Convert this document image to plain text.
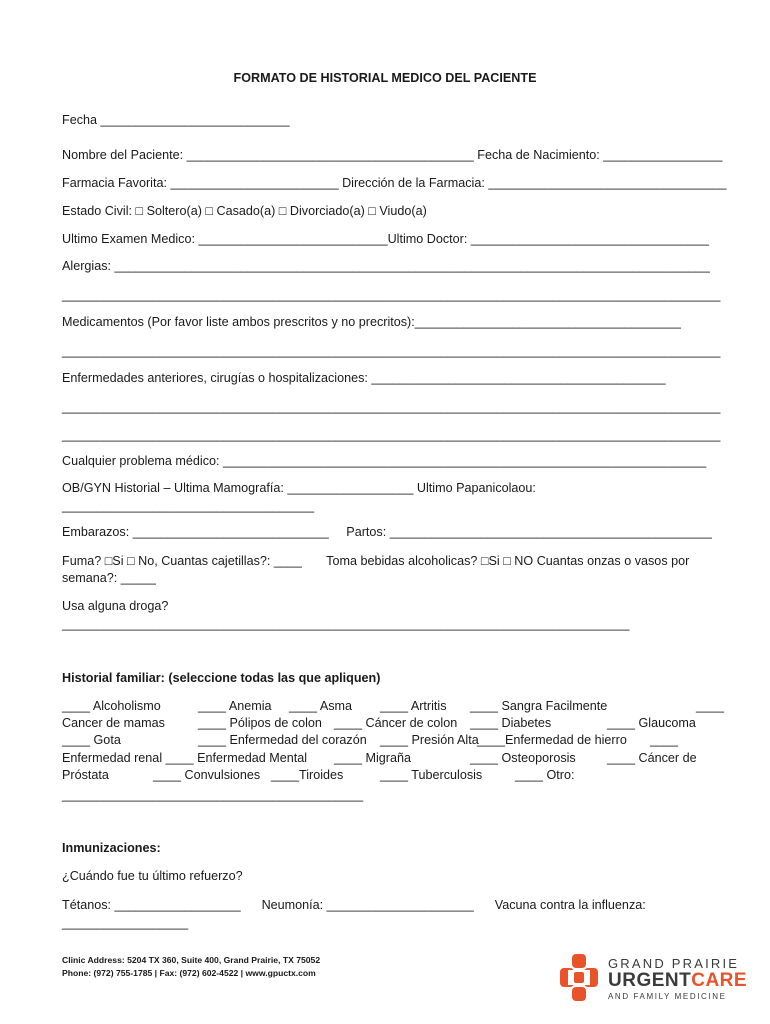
FORMATO DE HISTORIAL MEDICO DEL PACIENTE
Fecha ___________________________
Nombre del Paciente: _________________________________________ Fecha de Nacimiento: _________________
Farmacia Favorita: ________________________ Dirección de la Farmacia: __________________________________
Estado Civil: □ Soltero(a) □ Casado(a) □ Divorciado(a) □ Viudo(a)
Ultimo Examen Medico: ___________________________Ultimo Doctor: __________________________________
Alergias: _____________________________________________________________________________________
______________________________________________________________________________________________
Medicamentos (Por favor liste ambos prescritos y no precritos):______________________________________
______________________________________________________________________________________________
Enfermedades anteriores, cirugías o hospitalizaciones: __________________________________________
______________________________________________________________________________________________
______________________________________________________________________________________________
Cualquier problema médico: _____________________________________________________________________
OB/GYN Historial – Ultima Mamografía: __________________ Ultimo Papanicolaou:
____________________________________
Embarazos: ____________________________     Partos: ______________________________________________
Fuma? □Si □ No, Cuantas cajetillas?: ____       Toma bebidas alcoholicas? □Si □ NO Cuantas onzas o vasos por
semana?: _____
Usa alguna droga?
_________________________________________________________________________________
Historial familiar: (seleccione todas las que apliquen)
____ Alcoholismo	____ Anemia ____ Asma ____ Artritis ____ Sangra Facilmente	____
Cancer de mamas	____ Pólipos de colon ____ Cáncer de colon ____ Diabetes	____ Glaucoma
____ Gota	____ Enfermedad del corazón ____ Presión Alta
____Enfermedad de hierro ____
Enfermedad renal ____ Enfermedad Mental ____ Migraña	____ Osteoporosis ____ Cáncer de
Próstata	____ Convulsiones ____Tiroides	____ Tuberculosis	____ Otro:
___________________________________________
Inmunizaciones:
¿Cuándo fue tu último refuerzo?
Tétanos: __________________      Neumonía: _____________________      Vacuna contra la influenza:
__________________
Clinic Address: 5204 TX 360, Suite 400, Grand Prairie, TX 75052
Phone: (972) 755-1785 | Fax: (972) 602-4522 | www.gpuctx.com
GRAND PRAIRIE
URGENTCARE
AND FAMILY MEDICINE
